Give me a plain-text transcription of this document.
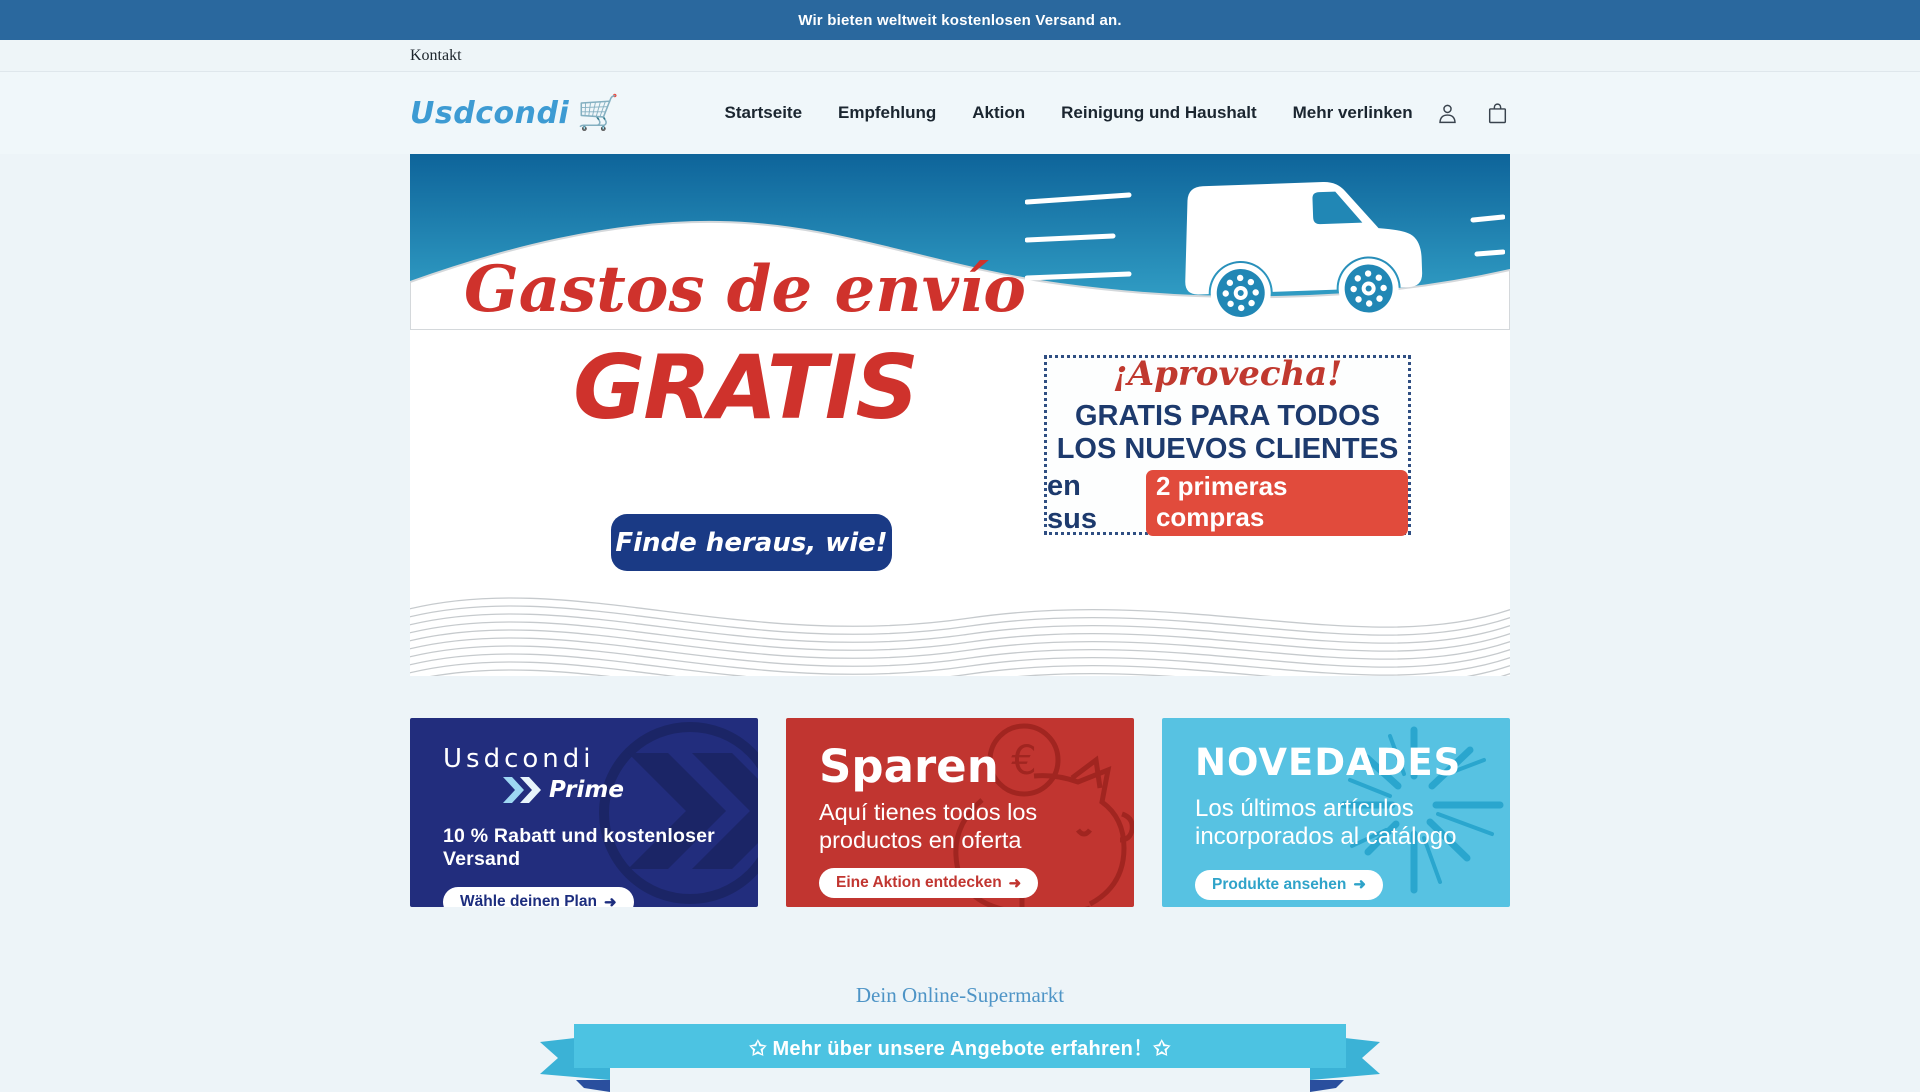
Wir bieten weltweit kostenlosen Versand an.
Kontakt
Usdcondi 🛒	Startseite Empfehlung Aktion Reinigung und Haushalt Mehr verlinken
Gastos de envío
GRATIS
Finde heraus, wie!
¡Aprovecha!
GRATIS PARA TODOS
LOS NUEVOS CLIENTES
en sus
2 primeras compras
Usdcondi
Prime
10 % Rabatt und kostenloser Versand
Wähle deinen Plan ➜
€
Sparen
Aquí tienes todos los productos en oferta
Eine Aktion entdecken ➜
NOVEDADES
Los últimos artículos incorporados al catálogo
Produkte ansehen ➜
Dein Online-Supermarkt
✩ Mehr über unsere Angebote erfahren！✩
